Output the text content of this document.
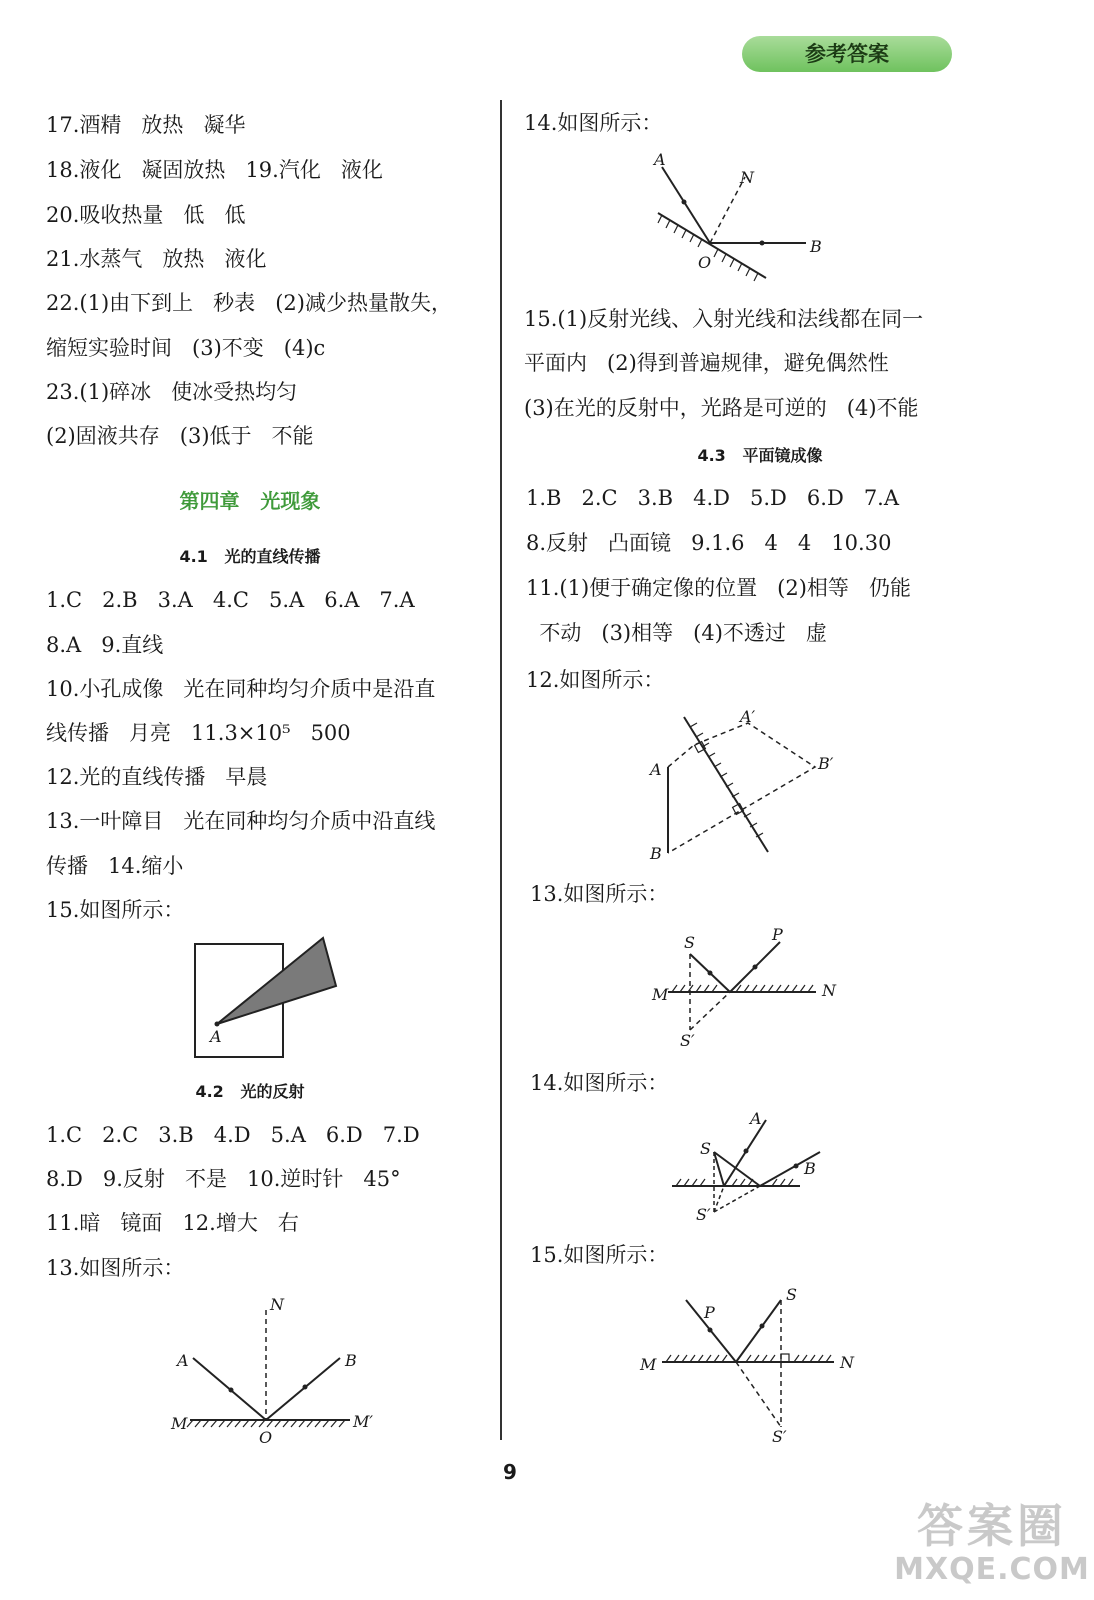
参考答案
17.酒精   放热   凝华
18.液化   凝固放热   19.汽化   液化
20.吸收热量   低   低
21.水蒸气   放热   液化
22.(1)由下到上   秒表   (2)减少热量散失，
缩短实验时间   (3)不变   (4)c
23.(1)碎冰   使冰受热均匀
(2)固液共存   (3)低于   不能
第四章   光现象
4.1   光的直线传播
1.C   2.B   3.A   4.C   5.A   6.A   7.A
8.A   9.直线
10.小孔成像   光在同种均匀介质中是沿直
线传播   月亮   11.3×10⁵   500
12.光的直线传播   早晨
13.一叶障目   光在同种均匀介质中沿直线
传播   14.缩小
15.如图所示：
A
4.2   光的反射
1.C   2.C   3.B   4.D   5.A   6.D   7.D
8.D   9.反射   不是   10.逆时针   45°
11.暗   镜面   12.增大   右
13.如图所示：
N
A	B
M	M′
O
14.如图所示：
A
N
B
O
15.(1)反射光线、入射光线和法线都在同一
平面内   (2)得到普遍规律，避免偶然性
(3)在光的反射中，光路是可逆的   (4)不能
4.3   平面镜成像
1.B   2.C   3.B   4.D   5.D   6.D   7.A
8.反射   凸面镜   9.1.6   4   4   10.30
11.(1)便于确定像的位置   (2)相等   仍能
不动   (3)相等   (4)不透过   虚
12.如图所示：
A′
B′
A
B
13.如图所示：
S	P
M	N
S′
14.如图所示：
A
S
B
S′
15.如图所示：
P
S
M	N
S′
9
答案圈
MXQE.COM
